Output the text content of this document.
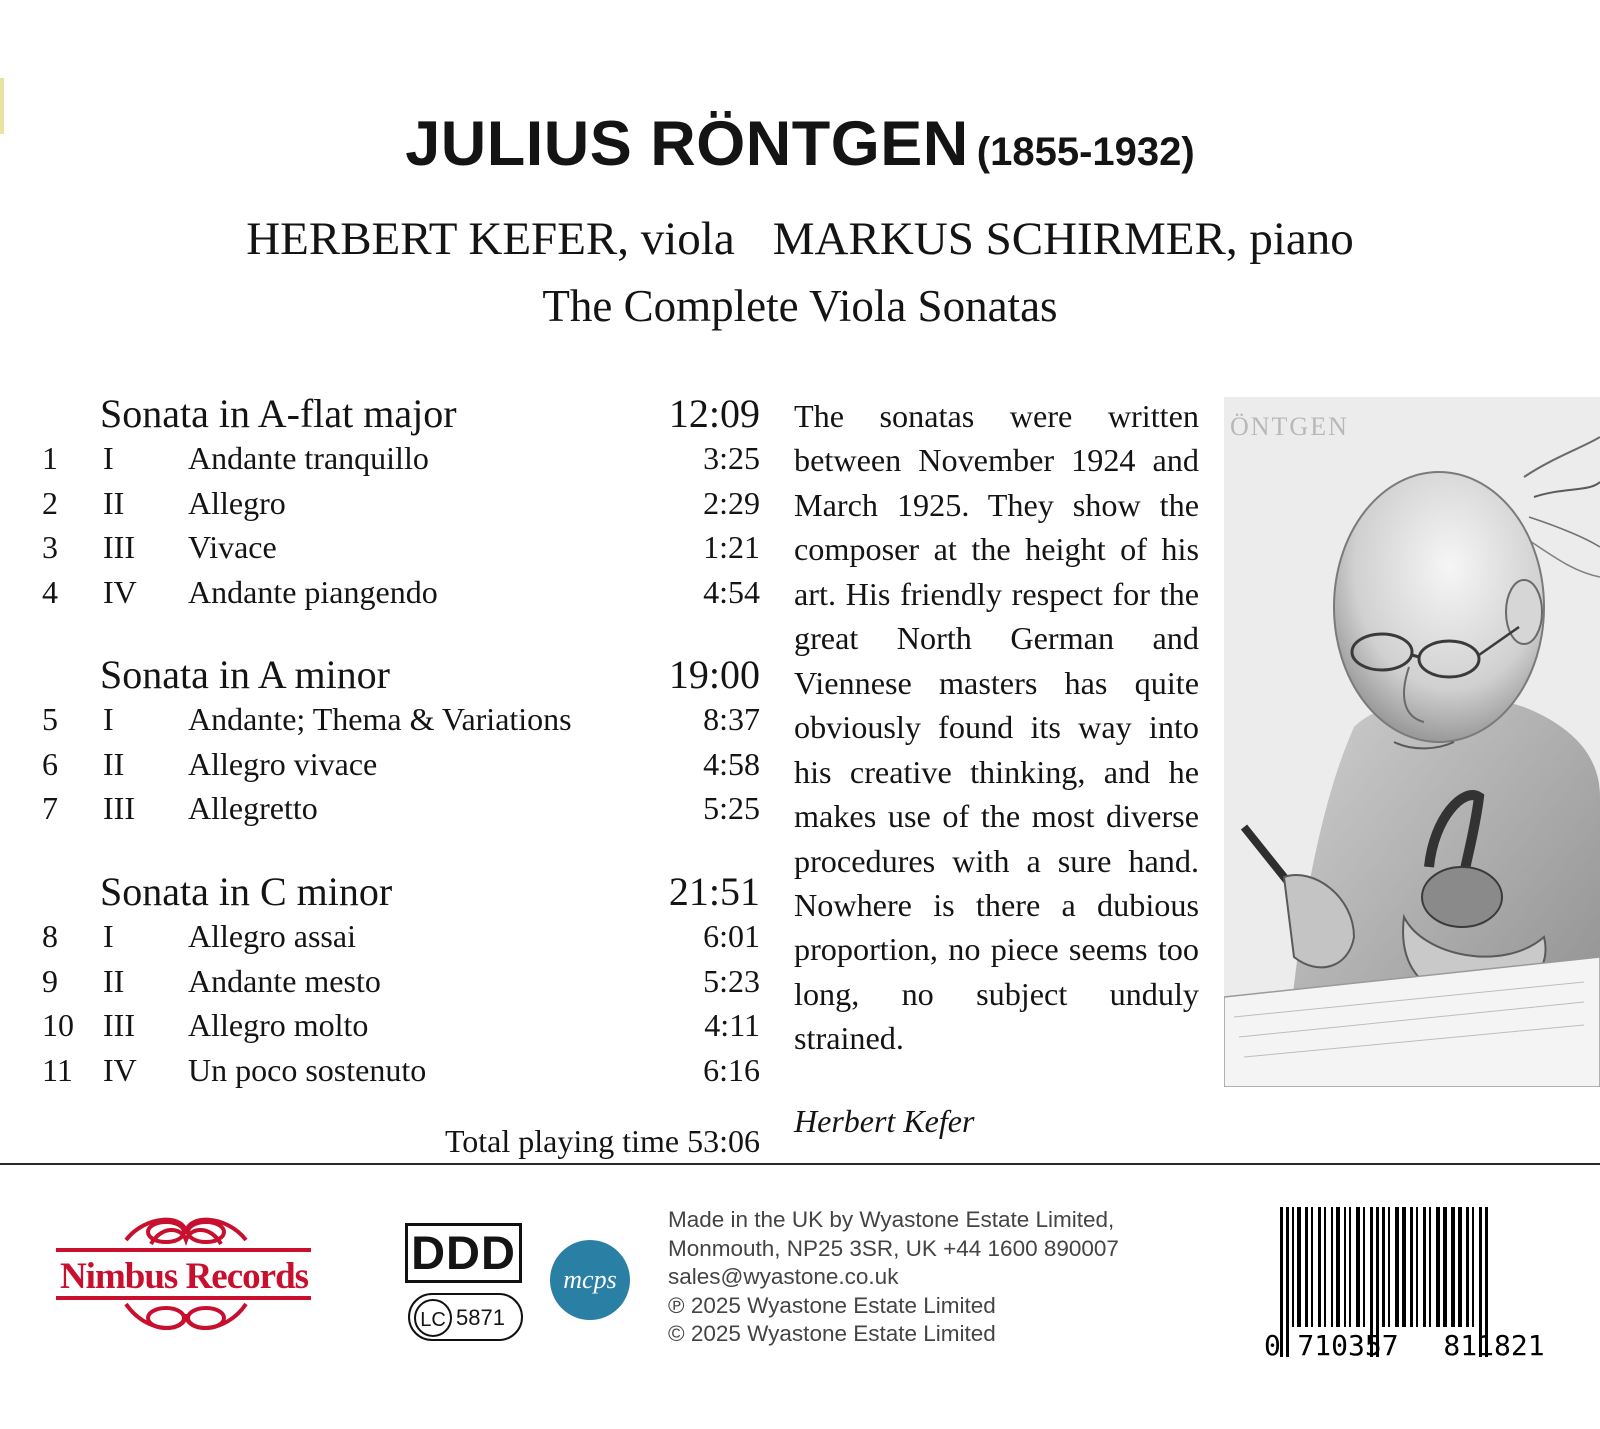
JULIUS RÖNTGEN (1855-1932)
HERBERT KEFER, viola MARKUS SCHIRMER, piano
The Complete Viola Sonatas
Sonata in A-flat major	12:09
1 I Andante tranquillo	3:25
2 II Allegro	2:29
3 III Vivace	1:21
4 IV Andante piangendo	4:54
Sonata in A minor	19:00
5 I Andante; Thema & Variations	8:37
6 II Allegro vivace	4:58
7 III Allegretto	5:25
Sonata in C minor	21:51
8 I Allegro assai	6:01
9 II Andante mesto	5:23
10 III Allegro molto	4:11
11 IV Un poco sostenuto	6:16
Total playing time 53:06
The sonatas were written between November 1924 and March 1925. They show the composer at the height of his art. His friendly respect for the great North German and Viennese masters has quite obviously found its way into his creative thinking, and he makes use of the most diverse procedures with a sure hand. Nowhere is there a dubious proportion, no piece seems too long, no subject unduly strained.
Herbert Kefer
ÖNTGEN
Nimbus Records DDD
LC 5871
mcps
Made in the UK by Wyastone Estate Limited,
Monmouth, NP25 3SR, UK +44 1600 890007
sales@wyastone.co.uk
℗ 2025 Wyastone Estate Limited
© 2025 Wyastone Estate Limited	0 710357 811821
